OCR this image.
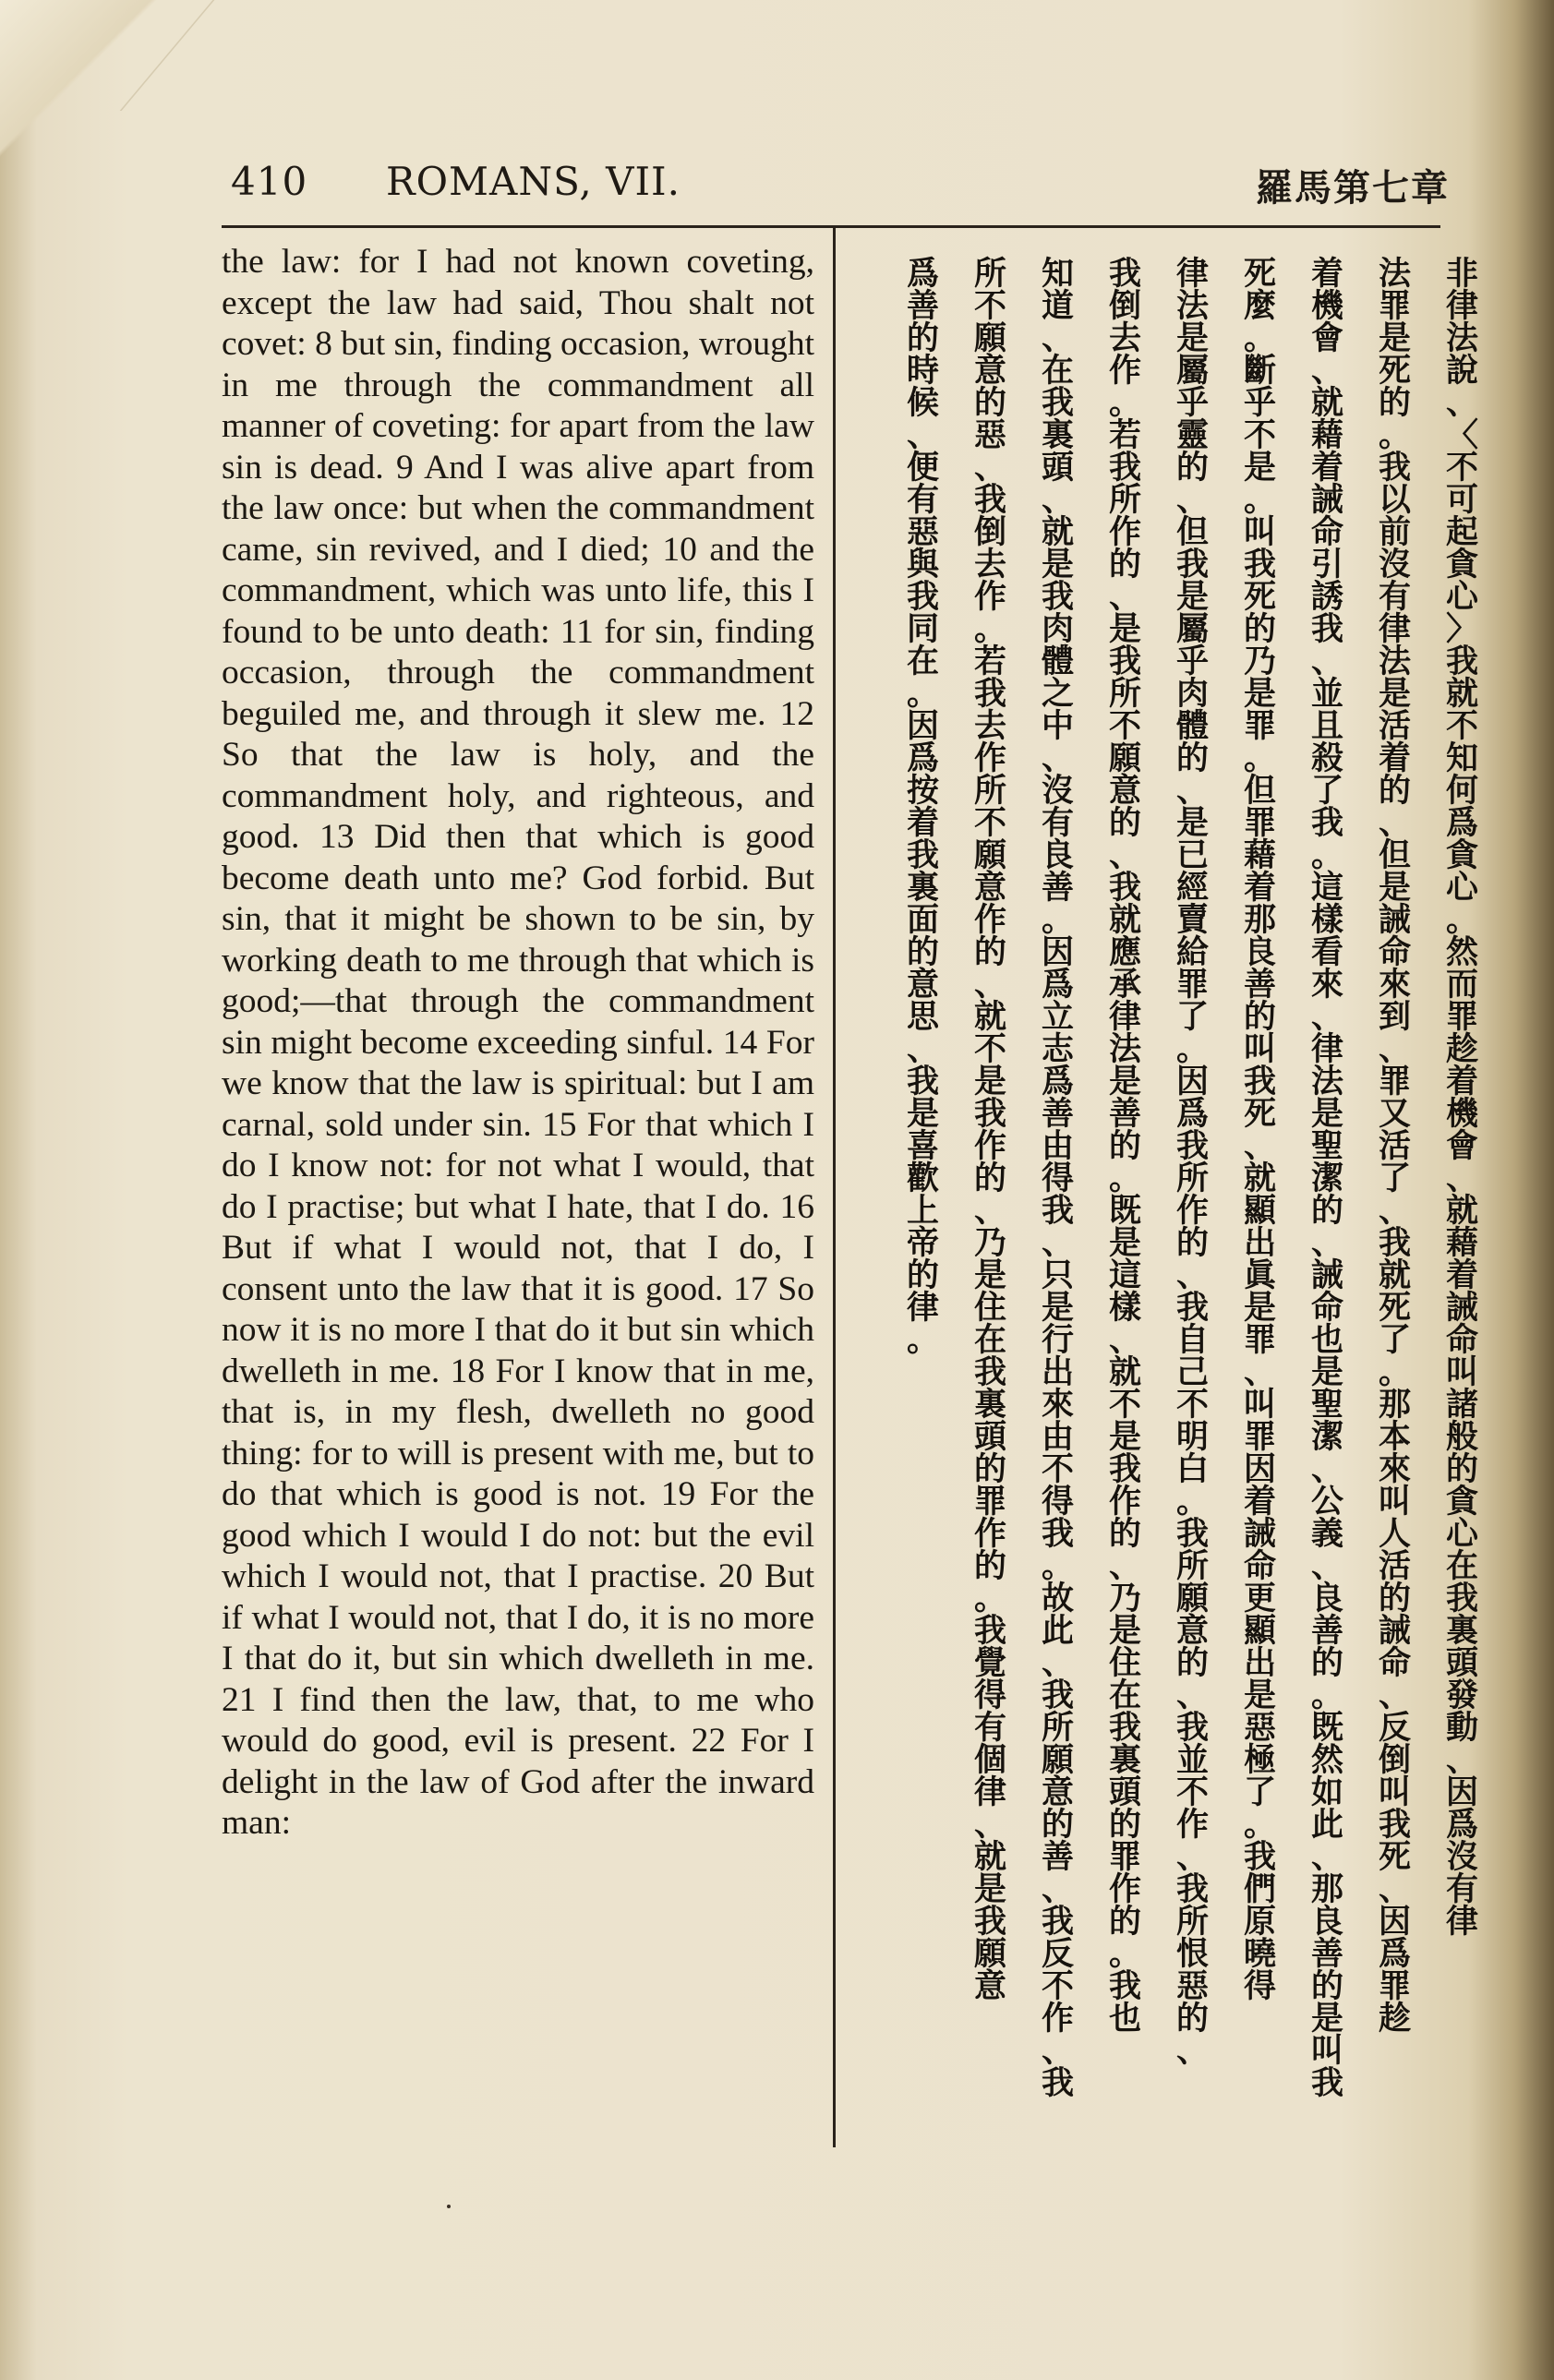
410 ROMANS, VII.	羅馬第七章

the law: for I had not known coveting, except the law had said, Thou shalt not covet: 8 but sin, finding occasion, wrought in me through the commandment all manner of coveting: for apart from the law sin is dead. 9 And I was alive apart from the law once: but when the commandment came, sin revived, and I died; 10 and the commandment, which was unto life, this I found to be unto death: 11 for sin, finding occasion, through the commandment beguiled me, and through it slew me. 12 So that the law is holy, and the commandment holy, and righteous, and good. 13 Did then that which is good become death unto me? God forbid. But sin, that it might be shown to be sin, by working death to me through that which is good;—that through the commandment sin might become exceeding sinful. 14 For we know that the law is spiritual: but I am carnal, sold under sin. 15 For that which I do I know not: for not what I would, that do I practise; but what I hate, that I do. 16 But if what I would not, that I do, I consent unto the law that it is good. 17 So now it is no more I that do it but sin which dwelleth in me. 18 For I know that in me, that is, in my flesh, dwelleth no good thing: for to will is present with me, but to do that which is good is not. 19 For the good which I would I do not: but the evil which I would not, that I practise. 20 But if what I would not, that I do, it is no more I that do it, but sin which dwelleth in me. 21 I find then the law, that, to me who would do good, evil is present. 22 For I delight in the law of God after the inward man:

非
律
法
說
、
〈
不
可
起
貪
心
〉
我
就
不
知
何
爲
貪
心
。
然
而
罪
趁
着
機
會
、
就
藉
着
誡
命
叫
諸
般
的
貪
心
在
我
裏
頭
發
動
、
因
爲
沒
有
律
法
罪
是
死
的
。
我
以
前
沒
有
律
法
是
活
着
的
、
但
是
誡
命
來
到
、
罪
又
活
了
、
我
就
死
了
。
那
本
來
叫
人
活
的
誡
命
、
反
倒
叫
我
死
、
因
爲
罪
趁
着
機
會
、
就
藉
着
誡
命
引
誘
我
、
並
且
殺
了
我
。
這
樣
看
來
、
律
法
是
聖
潔
的
、
誡
命
也
是
聖
潔
、
公
義
、
良
善
的
。
既
然
如
此
、
那
良
善
的
是
叫
我
死
麼
。
斷
乎
不
是
。
叫
我
死
的
乃
是
罪
。
但
罪
藉
着
那
良
善
的
叫
我
死
、
就
顯
出
眞
是
罪
、
叫
罪
因
着
誡
命
更
顯
出
是
惡
極
了
。
我
們
原
曉
得
律
法
是
屬
乎
靈
的
、
但
我
是
屬
乎
肉
體
的
、
是
已
經
賣
給
罪
了
。
因
爲
我
所
作
的
、
我
自
己
不
明
白
。
我
所
願
意
的
、
我
並
不
作
、
我
所
恨
惡
的
、
我
倒
去
作
。
若
我
所
作
的
、
是
我
所
不
願
意
的
、
我
就
應
承
律
法
是
善
的
。
既
是
這
樣
、
就
不
是
我
作
的
、
乃
是
住
在
我
裏
頭
的
罪
作
的
。
我
也
知
道
、
在
我
裏
頭
、
就
是
我
肉
體
之
中
、
沒
有
良
善
。
因
爲
立
志
爲
善
由
得
我
、
只
是
行
出
來
由
不
得
我
。
故
此
、
我
所
願
意
的
善
、
我
反
不
作
、
我
所
不
願
意
的
惡
、
我
倒
去
作
。
若
我
去
作
所
不
願
意
作
的
、
就
不
是
我
作
的
、
乃
是
住
在
我
裏
頭
的
罪
作
的
。
我
覺
得
有
個
律
、
就
是
我
願
意
爲
善
的
時
候
、
便
有
惡
與
我
同
在
。
因
爲
按
着
我
裏
面
的
意
思
、
我
是
喜
歡
上
帝
的
律
。
